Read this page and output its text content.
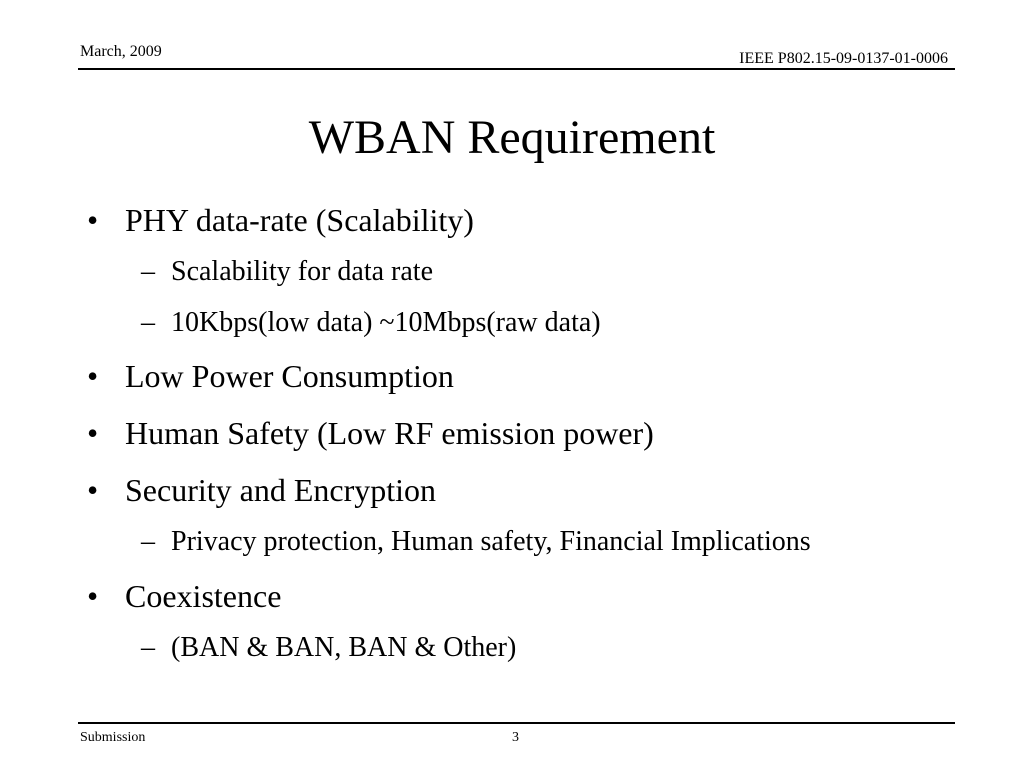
March, 2009	IEEE P802.15-09-0137-01-0006
WBAN Requirement
• PHY data-rate (Scalability)
– Scalability for data rate
– 10Kbps(low data) ~10Mbps(raw data)
• Low Power Consumption
• Human Safety (Low RF emission power)
• Security and Encryption
– Privacy protection, Human safety, Financial Implications
• Coexistence
– (BAN & BAN, BAN & Other)
Submission	3
